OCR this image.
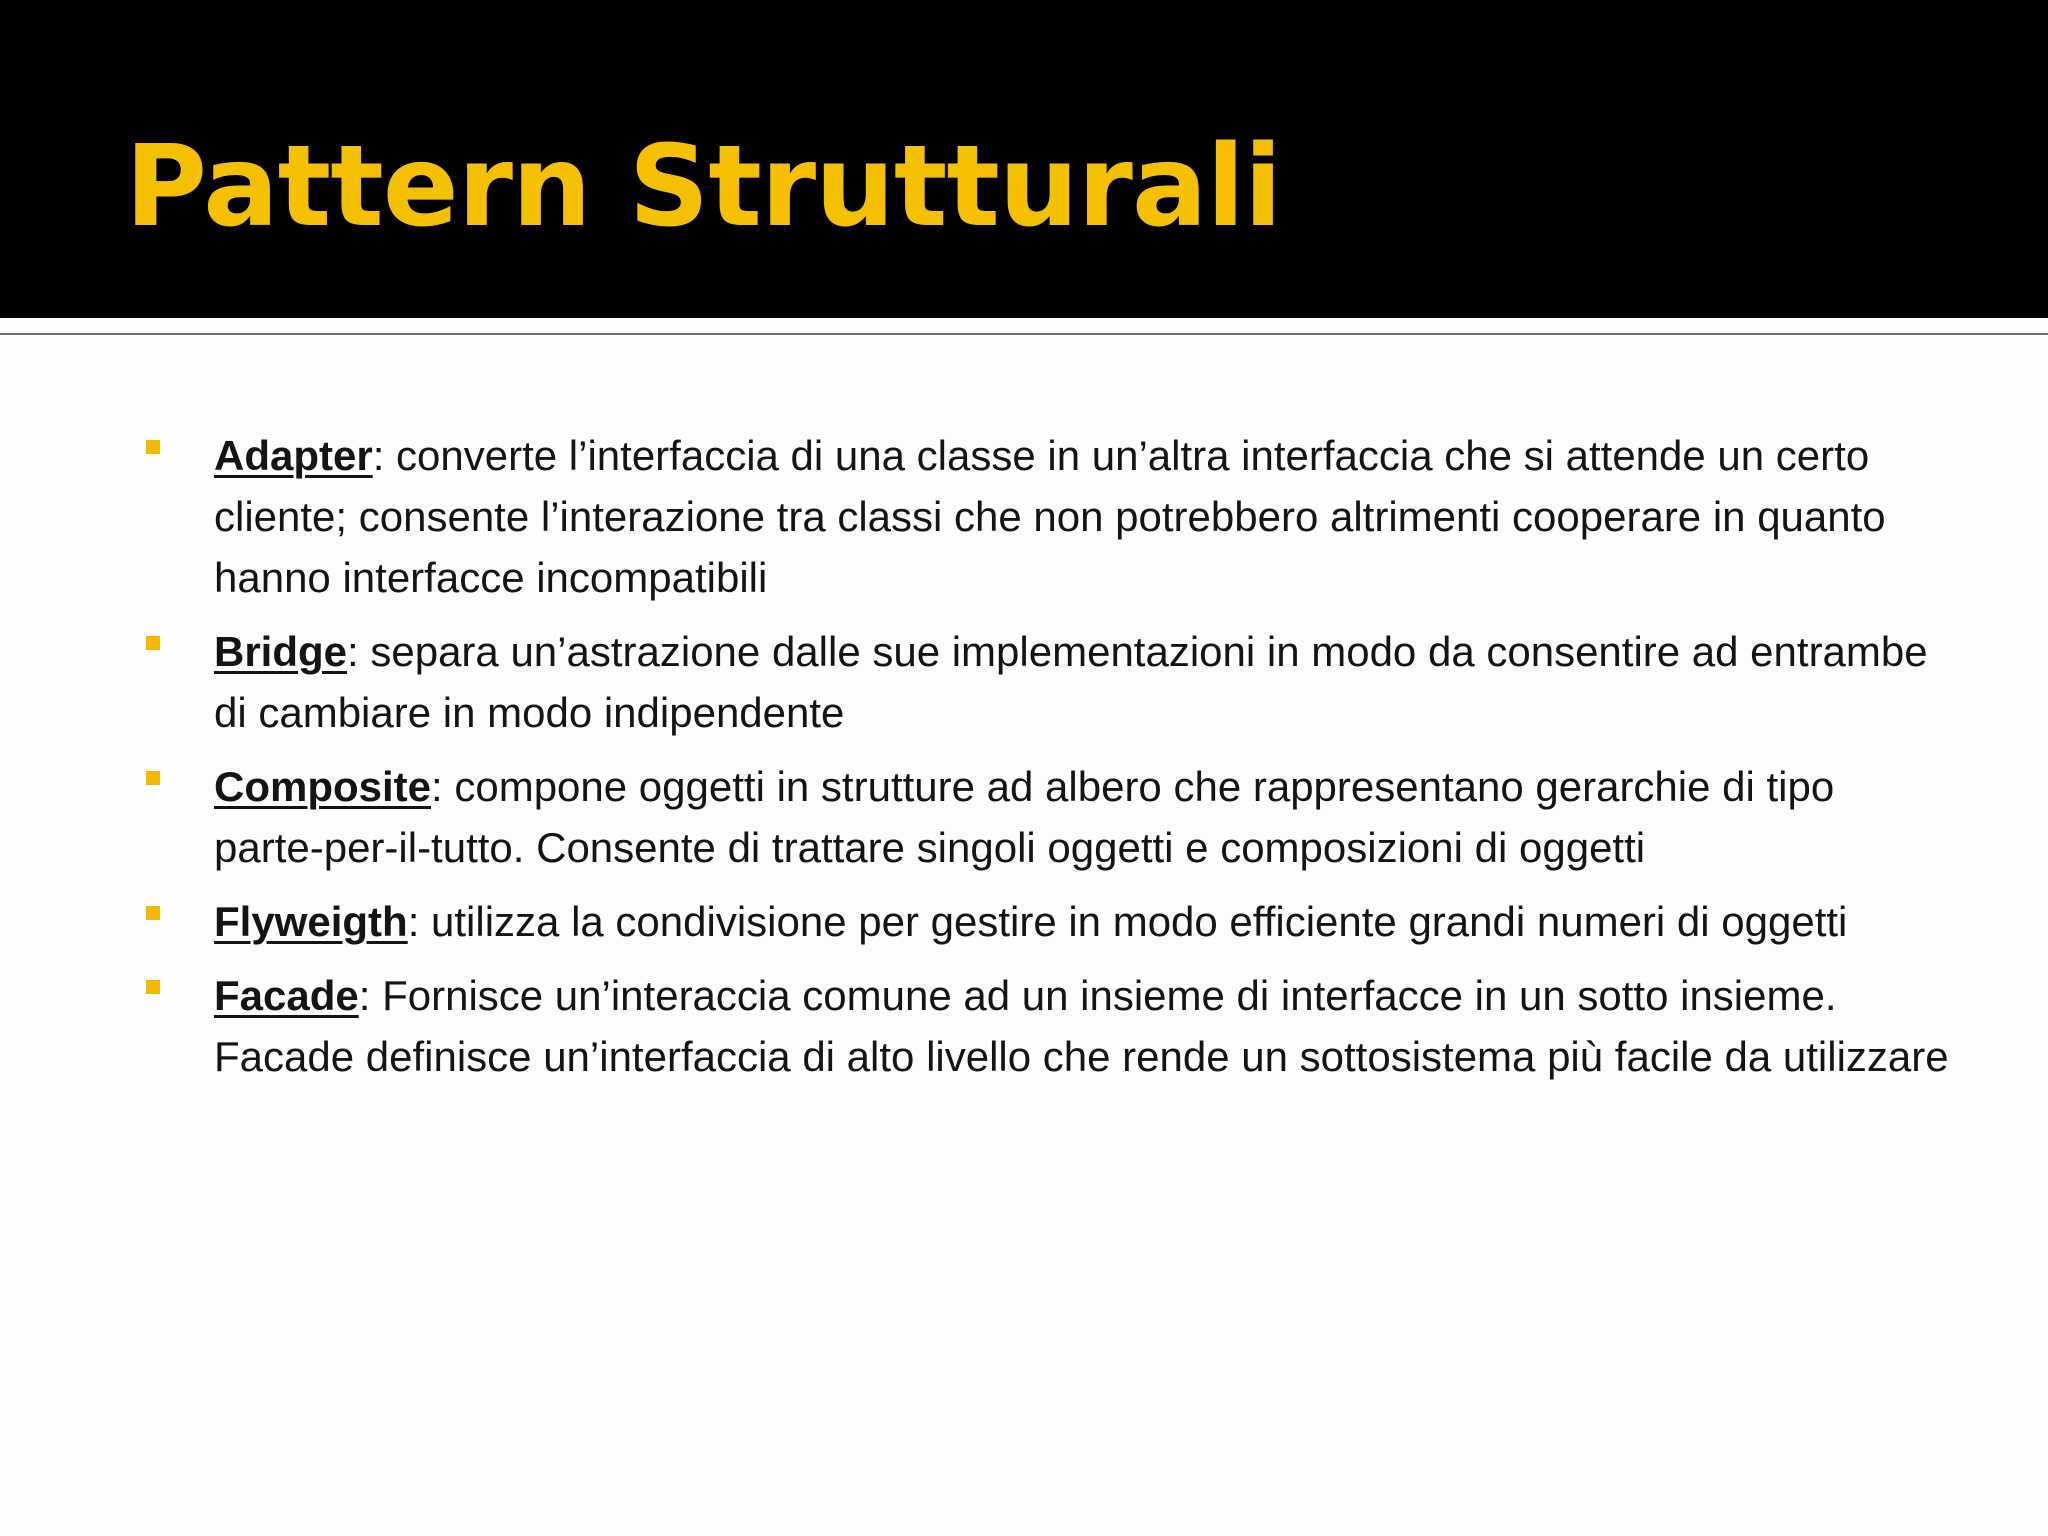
Pattern Strutturali
Adapter: converte l’interfaccia di una classe in un’altra interfaccia che si attende un certo cliente; consente l’interazione tra classi che non potrebbero altrimenti cooperare in quanto hanno interfacce incompatibili
Bridge: separa un’astrazione dalle sue implementazioni in modo da consentire ad entrambe di cambiare in modo indipendente
Composite: compone oggetti in strutture ad albero che rappresentano gerarchie di tipo parte-per-il-tutto. Consente di trattare singoli oggetti e composizioni di oggetti
Flyweigth: utilizza la condivisione per gestire in modo efficiente grandi numeri di oggetti
Facade: Fornisce un’interaccia comune ad un insieme di interfacce in un sotto insieme. Facade definisce un’interfaccia di alto livello che rende un sottosistema più facile da utilizzare
